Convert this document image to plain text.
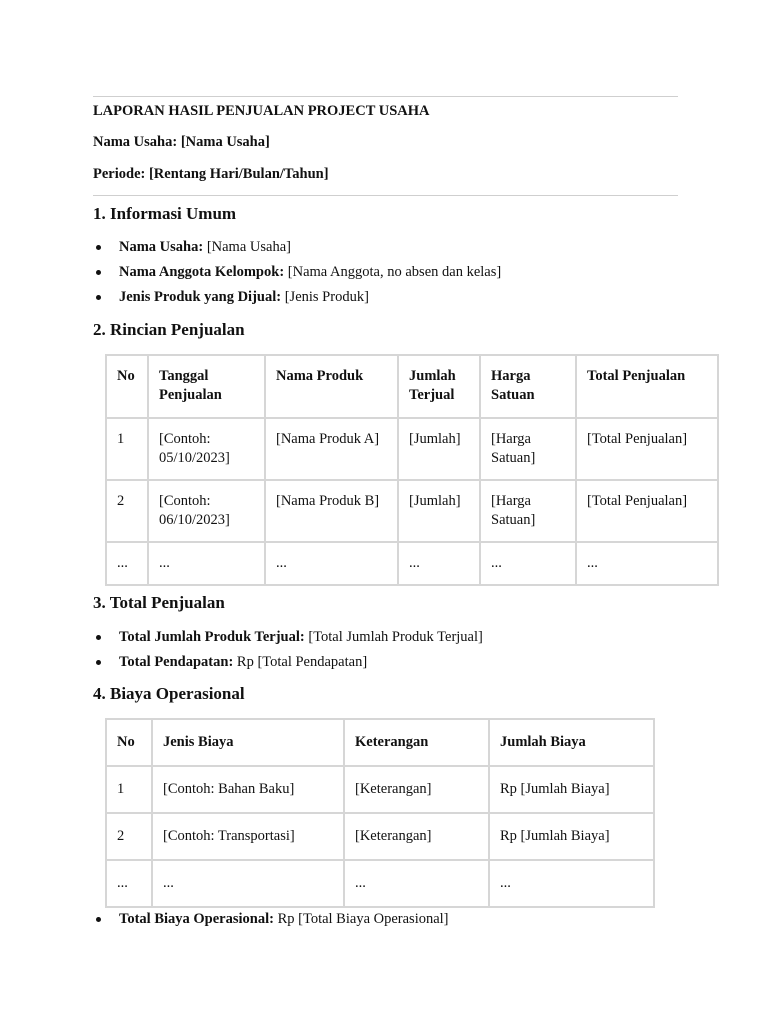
LAPORAN HASIL PENJUALAN PROJECT USAHA
Nama Usaha: [Nama Usaha]
Periode: [Rentang Hari/Bulan/Tahun]
1. Informasi Umum
Nama Usaha: [Nama Usaha]
Nama Anggota Kelompok: [Nama Anggota, no absen dan kelas]
Jenis Produk yang Dijual: [Jenis Produk]
2. Rincian Penjualan
No	Tanggal Penjualan	Nama Produk	Jumlah Terjual	Harga Satuan	Total Penjualan
1	[Contoh: 05/10/2023]	[Nama Produk A]	[Jumlah]	[Harga Satuan]	[Total Penjualan]
2	[Contoh: 06/10/2023]	[Nama Produk B]	[Jumlah]	[Harga Satuan]	[Total Penjualan]
...	...	...	...	...	...
3. Total Penjualan
Total Jumlah Produk Terjual: [Total Jumlah Produk Terjual]
Total Pendapatan: Rp [Total Pendapatan]
4. Biaya Operasional
No	Jenis Biaya	Keterangan	Jumlah Biaya
1	[Contoh: Bahan Baku]	[Keterangan]	Rp [Jumlah Biaya]
2	[Contoh: Transportasi]	[Keterangan]	Rp [Jumlah Biaya]
...	...	...	...
Total Biaya Operasional: Rp [Total Biaya Operasional]
